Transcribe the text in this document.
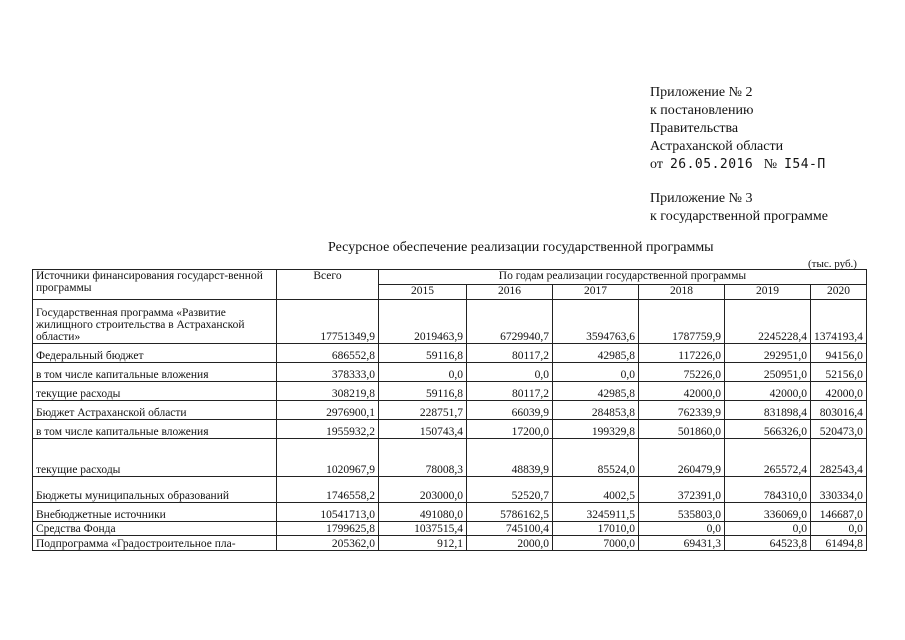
Приложение № 2
к постановлению
Правительства
Астраханской области
от 26.05.2016 № I54-П
Приложение № 3
к государственной программе
Ресурсное обеспечение реализации государственной программы
(тыс. руб.)
Источники финансирования государст-венной программы	Всего	По годам реализации государственной программы					
		2015	2016	2017	2018	2019	2020
Государственная программа «Развитие жилищного строительства в Астраханской области»	17751349,9	2019463,9	6729940,7	3594763,6	1787759,9	2245228,4	1374193,4
Федеральный бюджет	686552,8	59116,8	80117,2	42985,8	117226,0	292951,0	94156,0
в том числе капитальные вложения	378333,0	0,0	0,0	0,0	75226,0	250951,0	52156,0
текущие расходы	308219,8	59116,8	80117,2	42985,8	42000,0	42000,0	42000,0
Бюджет Астраханской области	2976900,1	228751,7	66039,9	284853,8	762339,9	831898,4	803016,4
в том числе капитальные вложения	1955932,2	150743,4	17200,0	199329,8	501860,0	566326,0	520473,0
текущие расходы	1020967,9	78008,3	48839,9	85524,0	260479,9	265572,4	282543,4
Бюджеты муниципальных образований	1746558,2	203000,0	52520,7	4002,5	372391,0	784310,0	330334,0
Внебюджетные источники	10541713,0	491080,0	5786162,5	3245911,5	535803,0	336069,0	146687,0
Средства Фонда	1799625,8	1037515,4	745100,4	17010,0	0,0	0,0	0,0
Подпрограмма «Градостроительное пла-	205362,0	912,1	2000,0	7000,0	69431,3	64523,8	61494,8
